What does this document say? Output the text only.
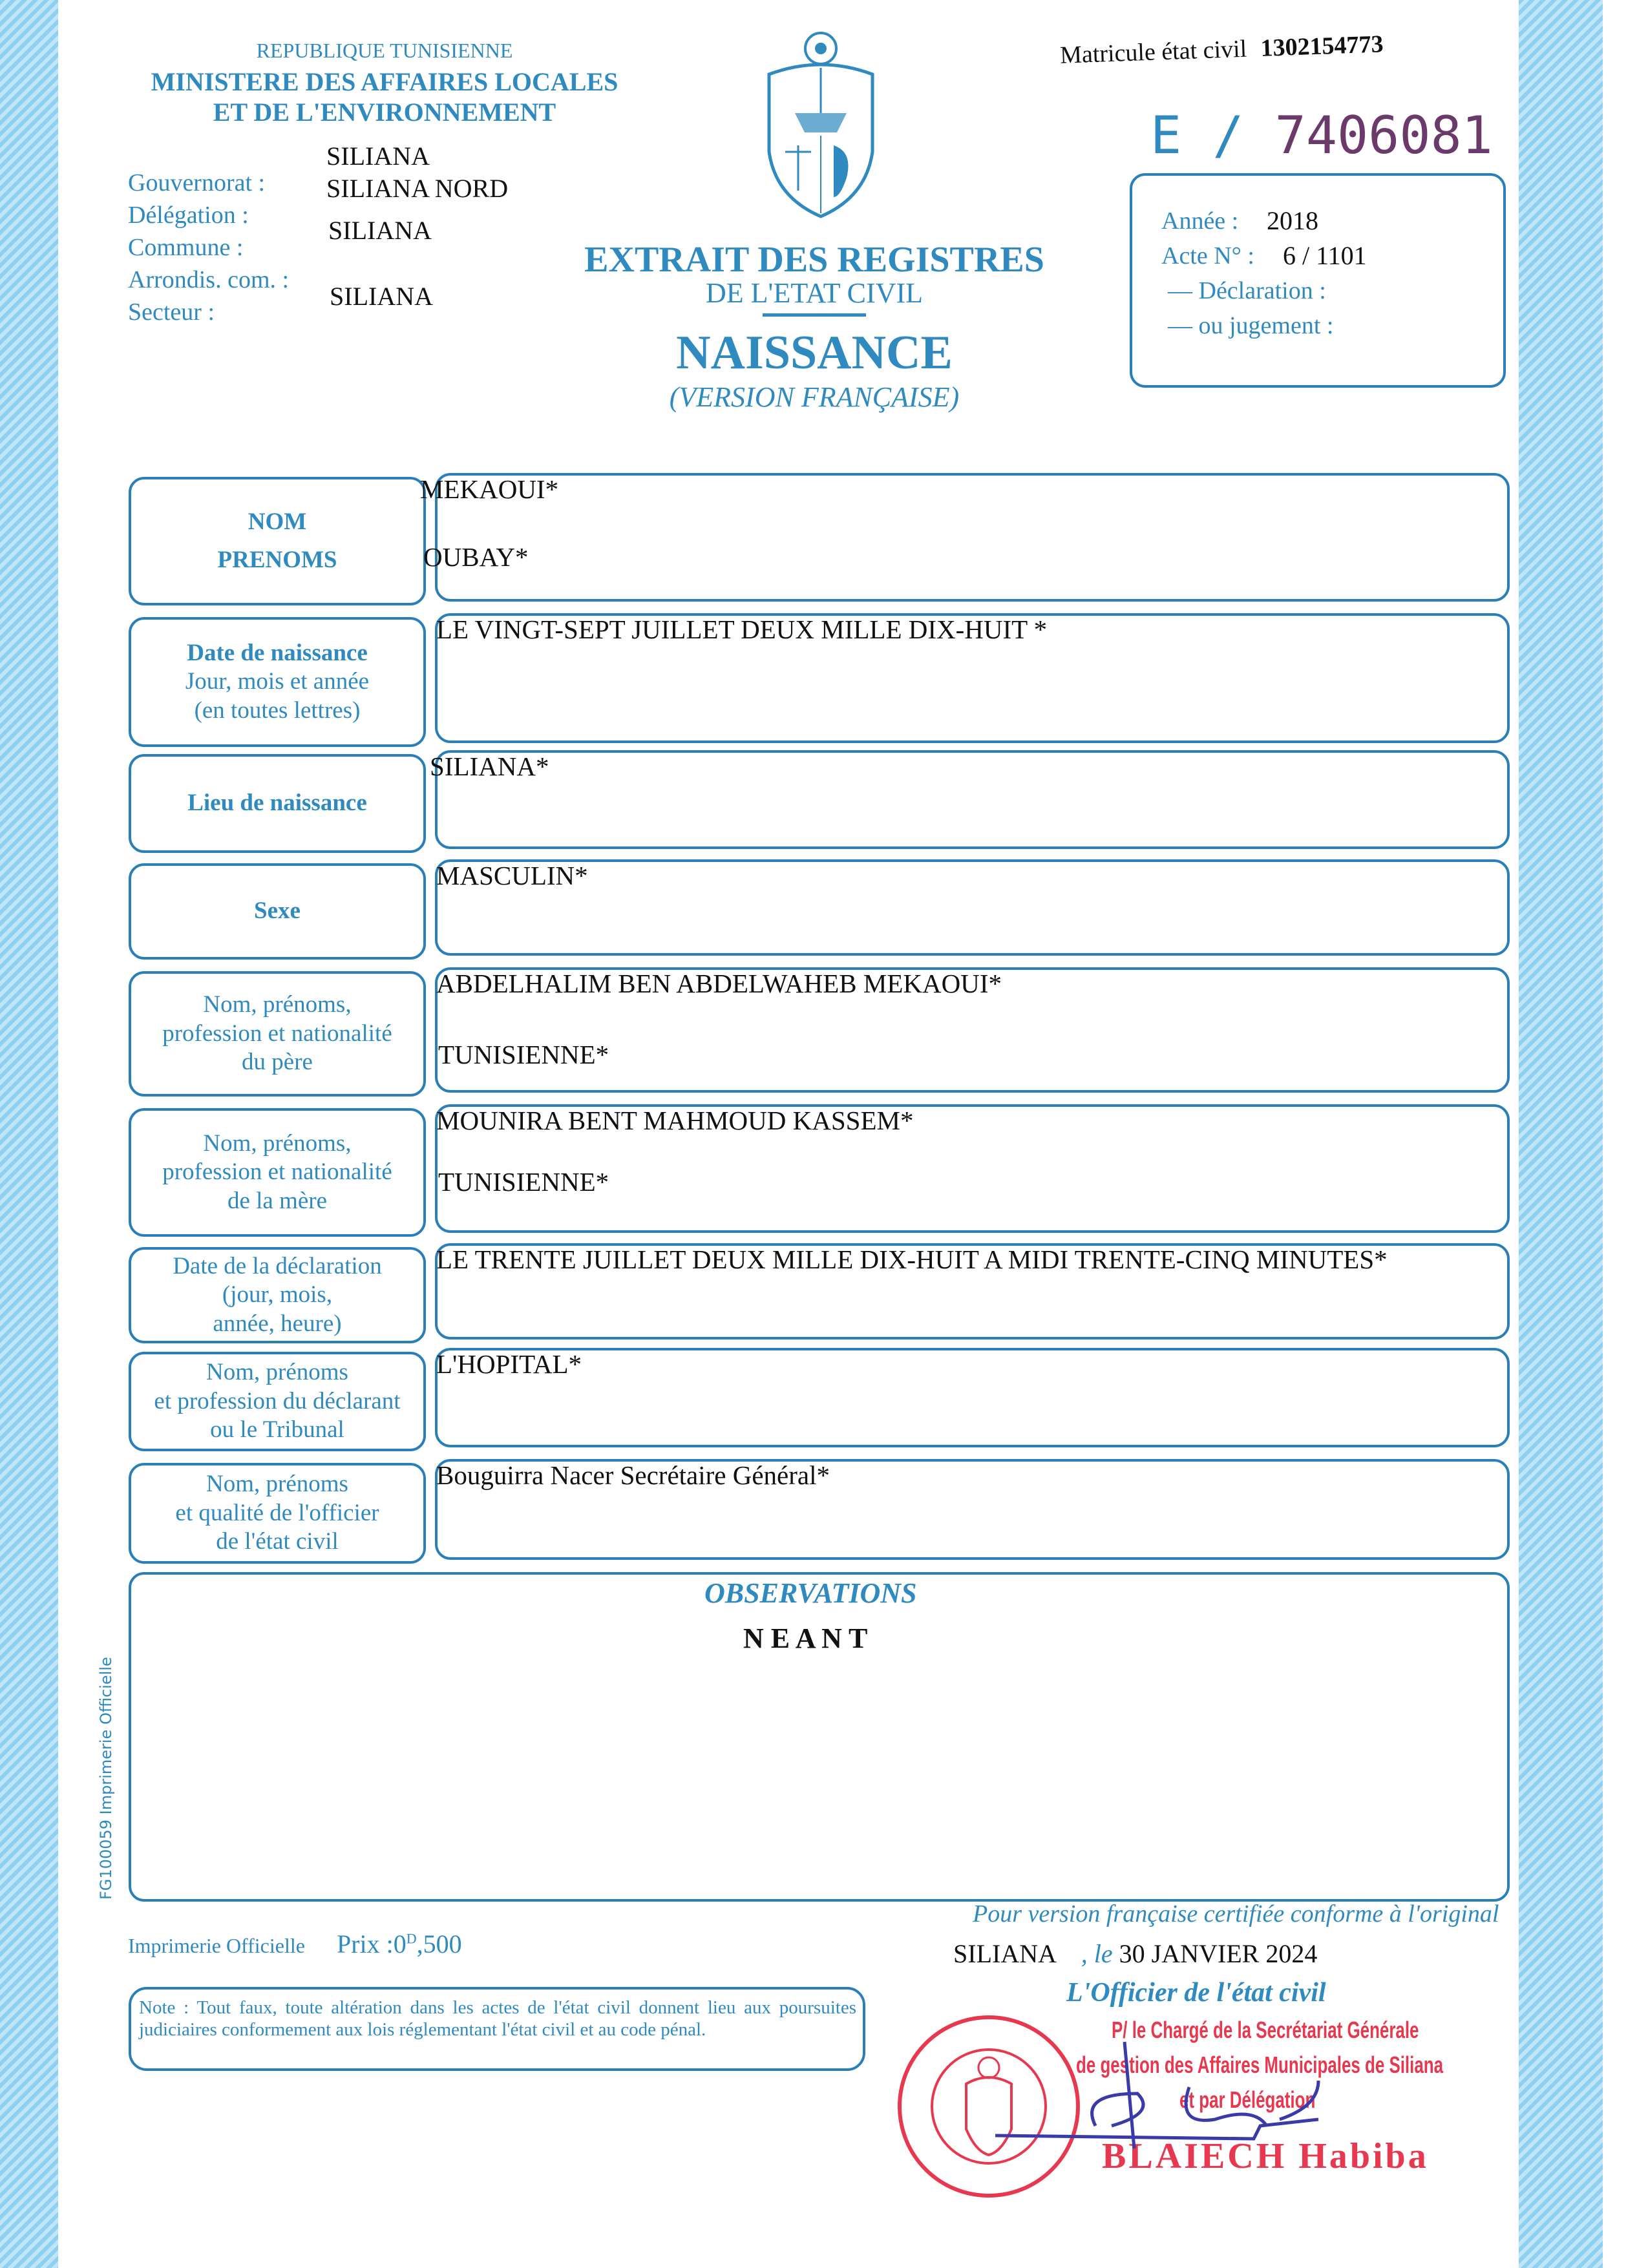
REPUBLIQUE TUNISIENNE
MINISTERE DES AFFAIRES LOCALES
ET DE L'ENVIRONNEMENT
Gouvernorat :
Délégation :
Commune :
Arrondis. com. :
Secteur :
SILIANA
SILIANA NORD
SILIANA
SILIANA
EXTRAIT DES REGISTRES
DE L'ETAT CIVIL
NAISSANCE
(VERSION FRANÇAISE)
Matricule état civil 1302154773
E / 7406081
2018
6 / 1101
Année :
Acte N° :
— Déclaration :
— ou jugement :
NOM
PRENOMS
MEKAOUI*
OUBAY*
Date de naissance
Jour, mois et année
(en toutes lettres)
LE VINGT-SEPT JUILLET DEUX MILLE DIX-HUIT *
Lieu de naissance
SILIANA*
Sexe
MASCULIN*
Nom, prénoms,
profession et nationalité
du père
ABDELHALIM BEN ABDELWAHEB MEKAOUI*
TUNISIENNE*
Nom, prénoms,
profession et nationalité
de la mère
MOUNIRA BENT MAHMOUD KASSEM*
TUNISIENNE*
Date de la déclaration
(jour, mois,
année, heure)
LE TRENTE JUILLET DEUX MILLE DIX-HUIT A MIDI TRENTE-CINQ MINUTES*
Nom, prénoms
et profession du déclarant
ou le Tribunal
L'HOPITAL*
Nom, prénoms
et qualité de l'officier
de l'état civil
Bouguirra Nacer Secrétaire Général*
OBSERVATIONS
N E A N T
FG100059 Imprimerie Officielle
Imprimerie Officielle Prix $:0^D,500$
Note : Tout faux, toute altération dans les actes de l'état civil donnent lieu aux poursuites judiciaires conformement aux lois réglementant l'état civil et au code pénal.
Pour version française certifiée conforme à l'original
SILIANA , le 30 JANVIER 2024
L'Officier de l'état civil
P/ le Chargé de la Secrétariat Générale
de gestion des Affaires Municipales de Siliana
et par Délégation
BLAIECH Habiba
